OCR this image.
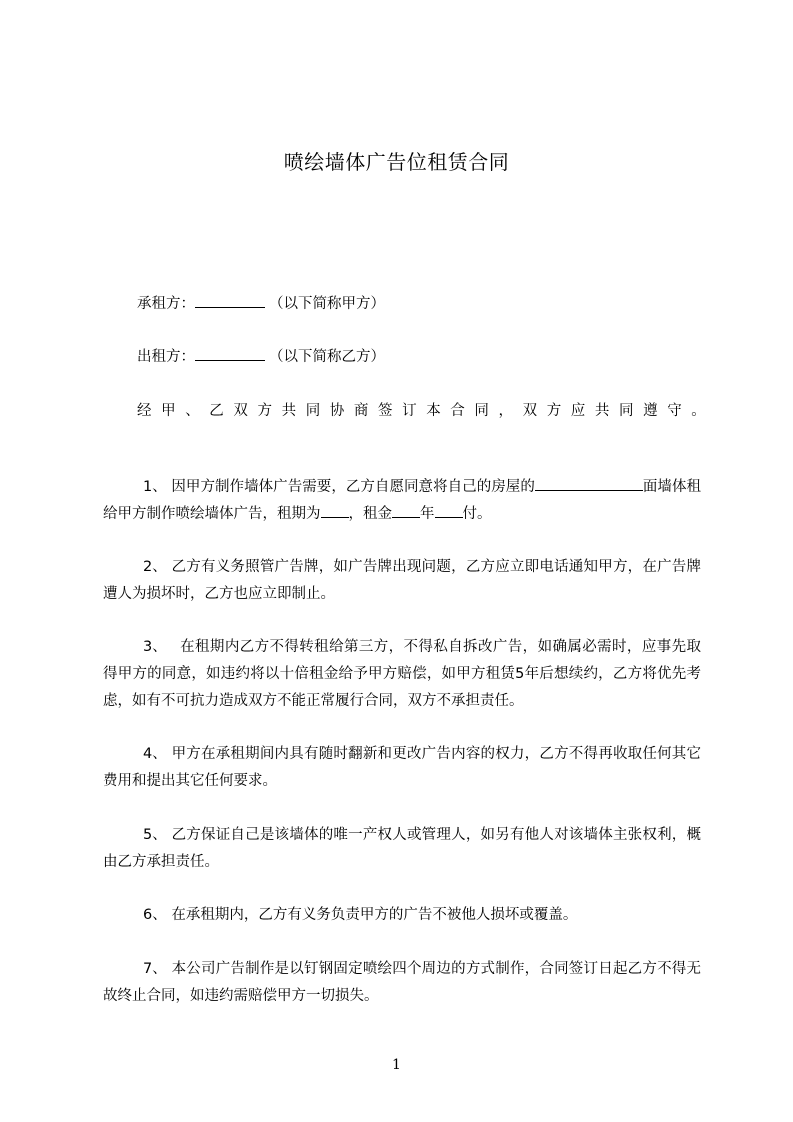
喷绘墙体广告位租赁合同
承租方：	（以下简称甲方）
出租方：	（以下简称乙方）
经甲、乙双方共同协商签订本合同，双方应共同遵守。
1、 因甲方制作墙体广告需要，乙方自愿同意将自己的房屋的	面墙体租给甲方制作喷绘墙体广告，租期为 ，租金 年 付。
2、 乙方有义务照管广告牌，如广告牌出现问题，乙方应立即电话通知甲方，在广告牌遭人为损坏时，乙方也应立即制止。
3、 在租期内乙方不得转租给第三方，不得私自拆改广告，如确属必需时，应事先取得甲方的同意，如违约将以十倍租金给予甲方赔偿，如甲方租赁5年后想续约，乙方将优先考虑，如有不可抗力造成双方不能正常履行合同，双方不承担责任。
4、 甲方在承租期间内具有随时翻新和更改广告内容的权力，乙方不得再收取任何其它费用和提出其它任何要求。
5、 乙方保证自己是该墙体的唯一产权人或管理人，如另有他人对该墙体主张权利，概由乙方承担责任。
6、 在承租期内，乙方有义务负责甲方的广告不被他人损坏或覆盖。
7、 本公司广告制作是以钉钢固定喷绘四个周边的方式制作，合同签订日起乙方不得无故终止合同，如违约需赔偿甲方一切损失。
1
